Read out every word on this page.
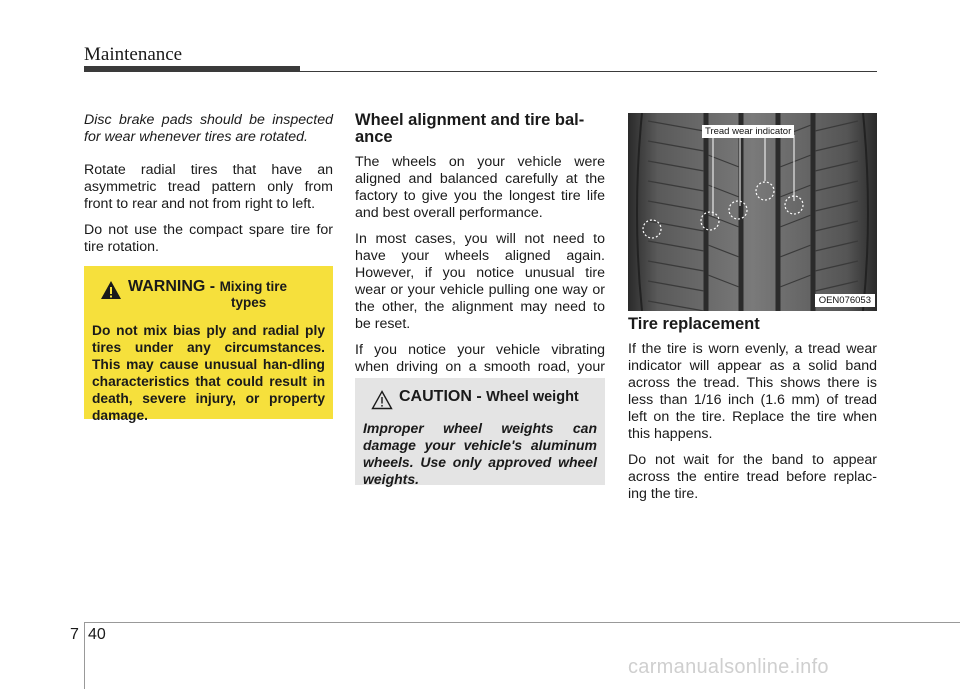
Maintenance

Disc brake pads should be inspected for wear whenever tires are rotated.

Rotate radial tires that have an asymmetric tread pattern only from front to rear and not from right to left.

Do not use the compact spare tire for tire rotation.

WARNING - Mixing tire
types
Do not mix bias ply and radial ply tires under any circumstances. This may cause unusual han-dling characteristics that could result in death, severe injury, or property damage.
Wheel alignment and tire bal-ance

The wheels on your vehicle were aligned and balanced carefully at the factory to give you the longest tire life and best overall performance.

In most cases, you will not need to have your wheels aligned again. However, if you notice unusual tire wear or your vehicle pulling one way or the other, the alignment may need to be reset.

If you notice your vehicle vibrating when driving on a smooth road, your

CAUTION - Wheel weight
Improper wheel weights can damage your vehicle's aluminum wheels. Use only approved wheel weights.
Tread wear indicator
OEN076053
Tire replacement

If the tire is worn evenly, a tread wear indicator will appear as a solid band across the tread. This shows there is less than 1/16 inch (1.6 mm) of tread left on the tire. Replace the tire when this happens.

Do not wait for the band to appear across the entire tread before replac-ing the tire.

7 40
carmanualsonline.info
